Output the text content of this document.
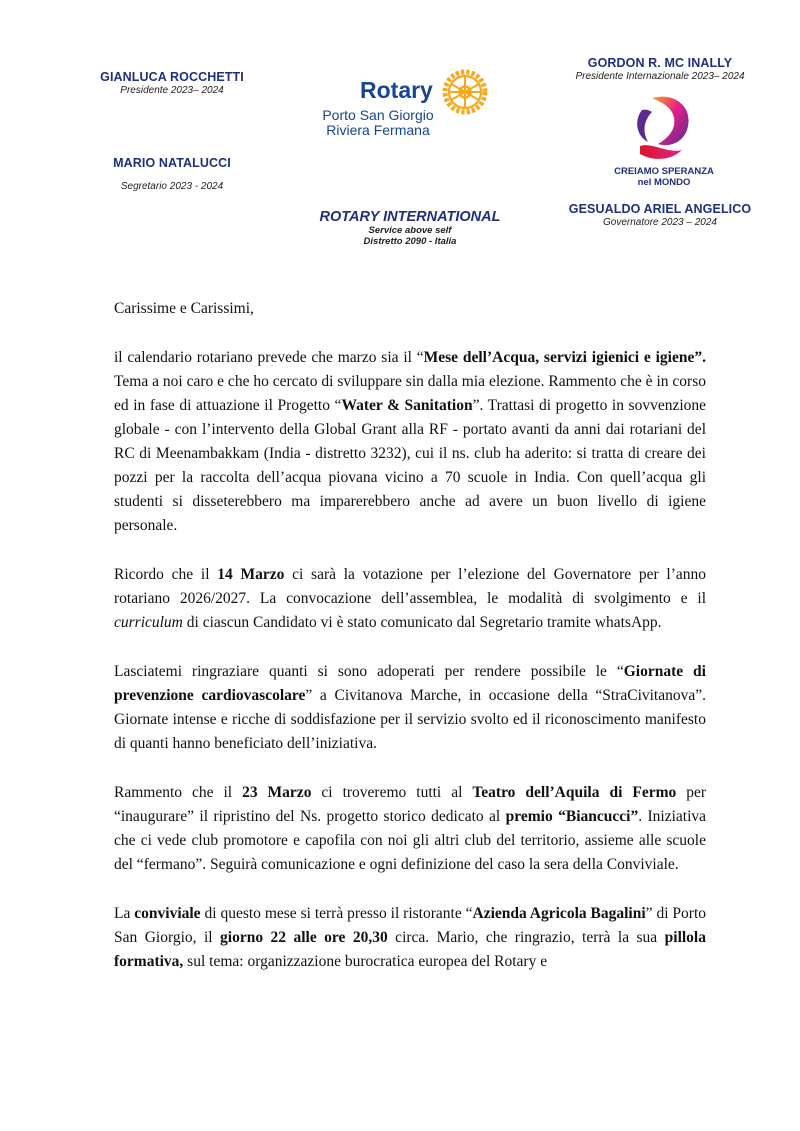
GIANLUCA ROCCHETTI
Presidente 2023– 2024
MARIO NATALUCCI
Segretario 2023 - 2024
Rotary
Porto San Giorgio
Riviera Fermana
GORDON R. MC INALLY
Presidente Internazionale 2023– 2024
CREIAMO SPERANZA
nel MONDO
GESUALDO ARIEL ANGELICO
Governatore 2023 – 2024
ROTARY INTERNATIONAL
Service above self
Distretto 2090 - Italia

Carissime e Carissimi,

il calendario rotariano prevede che marzo sia il “Mese dell’Acqua, servizi igienici e igiene”. Tema a noi caro e che ho cercato di sviluppare sin dalla mia elezione. Rammento che è in corso ed in fase di attuazione il Progetto “Water & Sanitation”. Trattasi di progetto in sovvenzione globale - con l’intervento della Global Grant alla RF - portato avanti da anni dai rotariani del RC di Meenambakkam (India - distretto 3232), cui il ns. club ha aderito: si tratta di creare dei pozzi per la raccolta dell’acqua piovana vicino a 70 scuole in India. Con quell’acqua gli studenti si disseterebbero ma imparerebbero anche ad avere un buon livello di igiene personale.

Ricordo che il 14 Marzo ci sarà la votazione per l’elezione del Governatore per l’anno rotariano 2026/2027. La convocazione dell’assemblea, le modalità di svolgimento e il curriculum di ciascun Candidato vi è stato comunicato dal Segretario tramite whatsApp.

Lasciatemi ringraziare quanti si sono adoperati per rendere possibile le “Giornate di prevenzione cardiovascolare” a Civitanova Marche, in occasione della “StraCivitanova”. Giornate intense e ricche di soddisfazione per il servizio svolto ed il riconoscimento manifesto di quanti hanno beneficiato dell’iniziativa.

Rammento che il 23 Marzo ci troveremo tutti al Teatro dell’Aquila di Fermo per “inaugurare” il ripristino del Ns. progetto storico dedicato al premio “Biancucci”. Iniziativa che ci vede club promotore e capofila con noi gli altri club del territorio, assieme alle scuole del “fermano”. Seguirà comunicazione e ogni definizione del caso la sera della Conviviale.

La conviviale di questo mese si terrà presso il ristorante “Azienda Agricola Bagalini” di Porto San Giorgio, il giorno 22 alle ore 20,30 circa. Mario, che ringrazio, terrà la sua pillola formativa, sul tema: organizzazione burocratica europea del Rotary e
